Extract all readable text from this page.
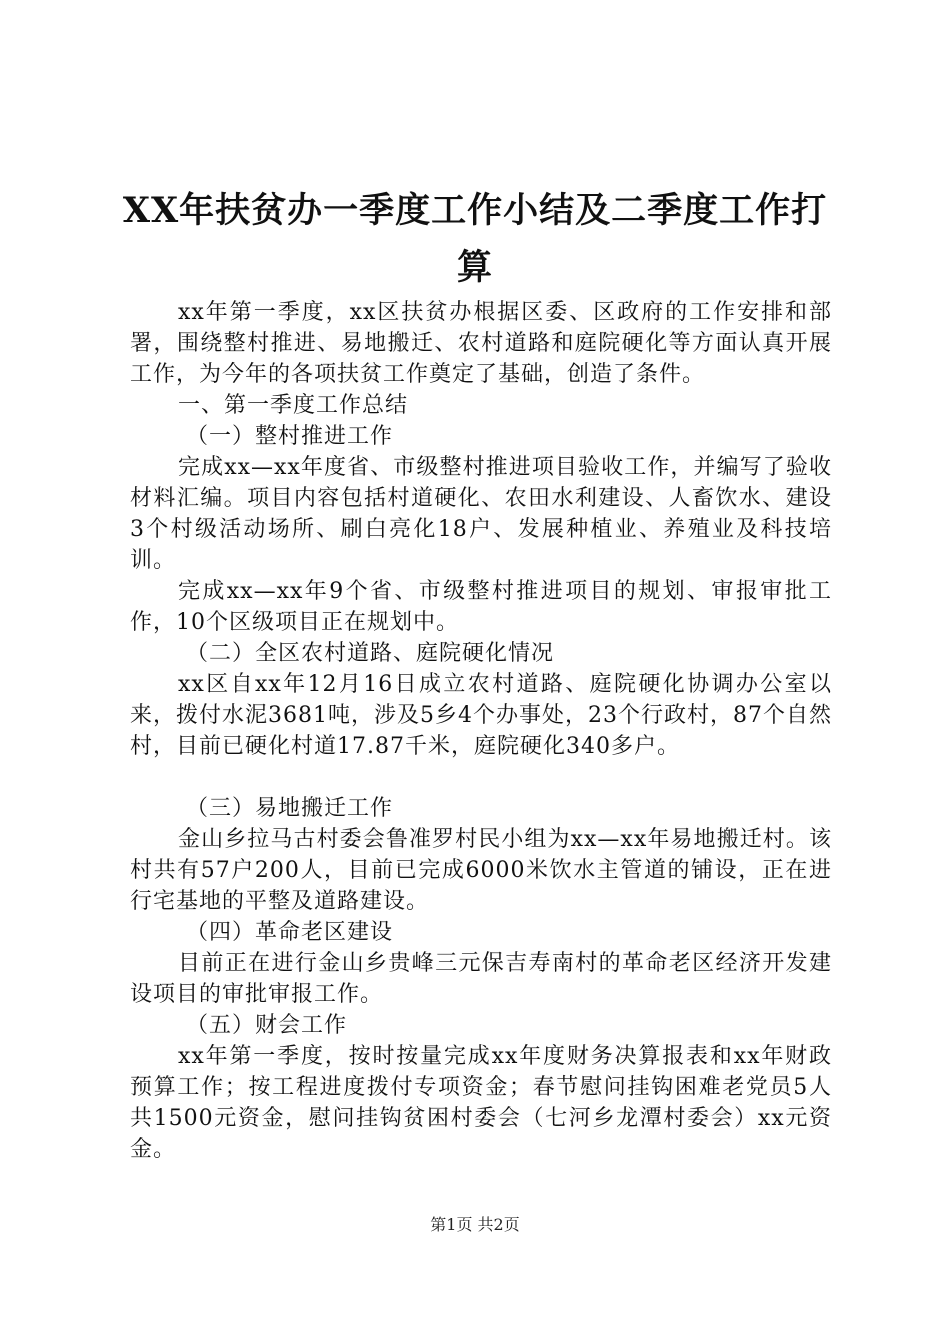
XX年扶贫办一季度工作小结及二季度工作打算

xx年第一季度，xx区扶贫办根据区委、区政府的工作安排和部署，围绕整村推进、易地搬迁、农村道路和庭院硬化等方面认真开展工作，为今年的各项扶贫工作奠定了基础，创造了条件。

一、第一季度工作总结

（一）整村推进工作

完成xx—xx年度省、市级整村推进项目验收工作，并编写了验收材料汇编。项目内容包括村道硬化、农田水利建设、人畜饮水、建设3个村级活动场所、刷白亮化18户、发展种植业、养殖业及科技培训。

完成xx—xx年9个省、市级整村推进项目的规划、审报审批工作，10个区级项目正在规划中。

（二）全区农村道路、庭院硬化情况

xx区自xx年12月16日成立农村道路、庭院硬化协调办公室以来，拨付水泥3681吨，涉及5乡4个办事处，23个行政村，87个自然村，目前已硬化村道17.87千米，庭院硬化340多户。

（三）易地搬迁工作

金山乡拉马古村委会鲁准罗村民小组为xx—xx年易地搬迁村。该村共有57户200人，目前已完成6000米饮水主管道的铺设，正在进行宅基地的平整及道路建设。

（四）革命老区建设

目前正在进行金山乡贵峰三元保吉寿南村的革命老区经济开发建设项目的审批审报工作。

（五）财会工作

xx年第一季度，按时按量完成xx年度财务决算报表和xx年财政预算工作；按工程进度拨付专项资金；春节慰问挂钩困难老党员5人共1500元资金，慰问挂钩贫困村委会（七河乡龙潭村委会）xx元资金。

第1页 共2页
